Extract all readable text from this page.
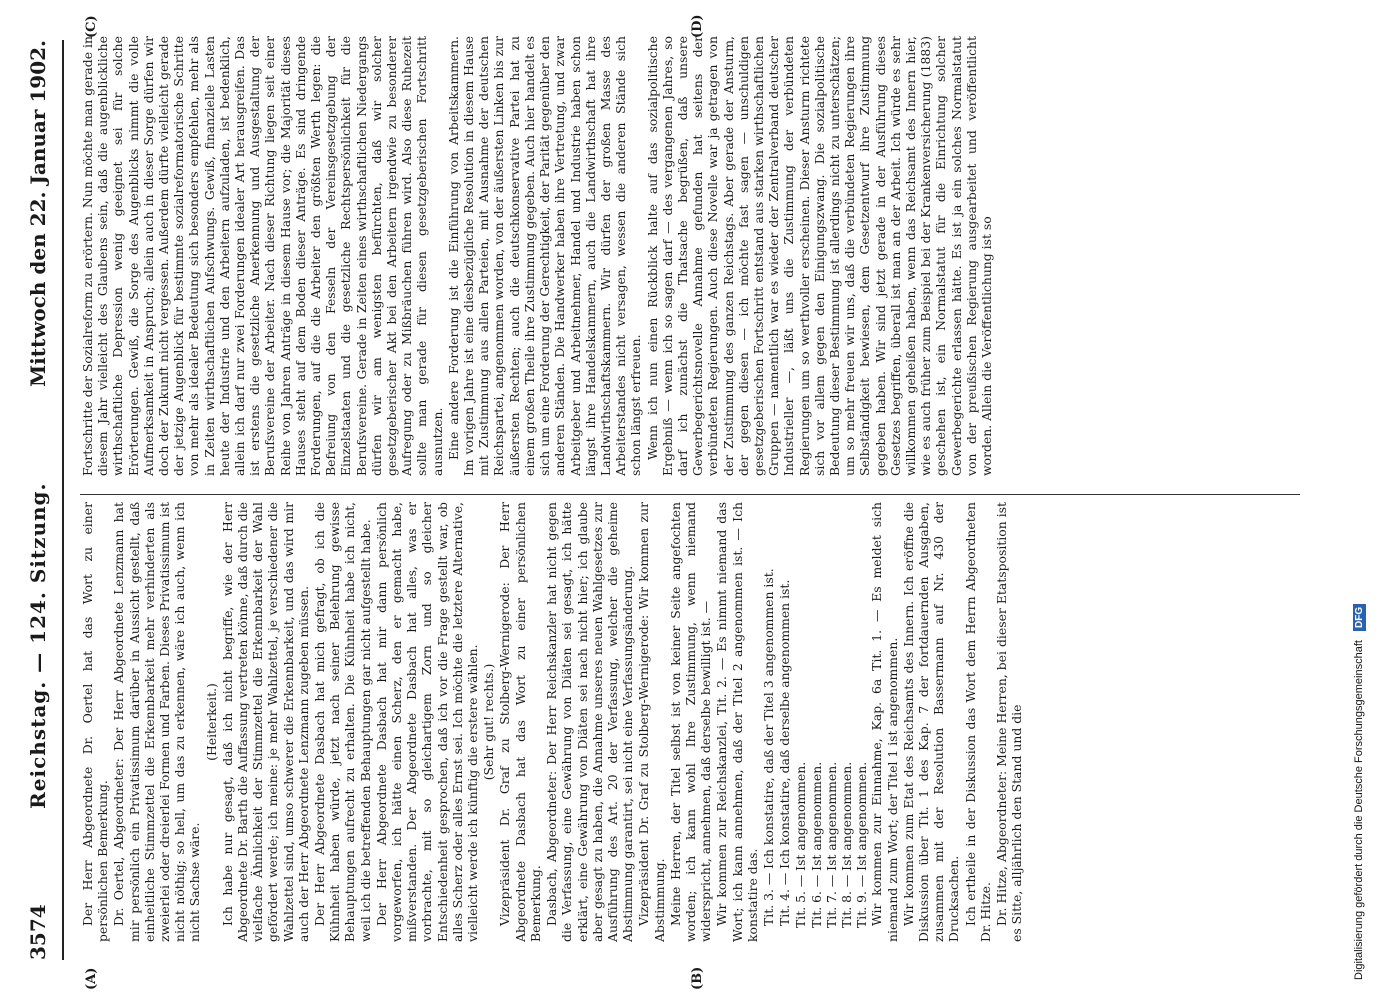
3574
Reichstag. — 124. Sitzung.
Mittwoch den 22. Januar 1902.
(A)	(B)
(C)	(D)

Der Herr Abgeordnete Dr. Oertel hat das Wort zu einer persönlichen Bemerkung. Dr. Oertel, Abgeordneter: Der Herr Abgeordnete Lenzmann hat mir persönlich ein Privatissimum darüber in Aussicht gestellt, daß einheitliche Stimmzettel die Erkennbarkeit mehr verhinderten als zweierlei oder dreierlei Formen und Farben. Dieses Privatissimum ist nicht nöthig; so hell, um das zu erkennen, wäre ich auch, wenn ich nicht Sachse wäre.

(Heiterkeit.) Ich habe nur gesagt, daß ich nicht begriffe, wie der Herr Abgeordnete Dr. Barth die Auffassung vertreten könne, daß durch die vielfache Ähnlichkeit der Stimmzettel die Erkennbarkeit der Wahl gefördert werde; ich meine: je mehr Wahlzettel, je verschiedener die Wahlzettel sind, umso schwerer die Erkennbarkeit, und das wird mir auch der Herr Abgeordnete Lenzmann zugeben müssen. Der Herr Abgeordnete Dasbach hat mich gefragt, ob ich die Kühnheit haben würde, jetzt nach seiner Belehrung gewisse Behauptungen aufrecht zu erhalten. Die Kühnheit habe ich nicht, weil ich die betreffenden Behauptungen gar nicht aufgestellt habe. Der Herr Abgeordnete Dasbach hat mir dann persönlich vorgeworfen, ich hätte einen Scherz, den er gemacht habe, mißverstanden. Der Abgeordnete Dasbach hat alles, was er vorbrachte, mit so gleichartigem Zorn und so gleicher Entschiedenheit gesprochen, daß ich vor die Frage gestellt war, ob alles Scherz oder alles Ernst sei. Ich möchte die letztere Alternative, vielleicht werde ich künftig die erstere wählen. (Sehr gut! rechts.) Vizepräsident Dr. Graf zu Stolberg-Wernigerode: Der Herr Abgeordnete Dasbach hat das Wort zu einer persönlichen Bemerkung. Dasbach, Abgeordneter: Der Herr Reichskanzler hat nicht gegen die Verfassung, eine Gewährung von Diäten sei gesagt, ich hätte erklärt, eine Gewährung von Diäten sei nach nicht hier; ich glaube aber gesagt zu haben, die Annahme unseres neuen Wahlgesetzes zur Ausführung des Art. 20 der Verfassung, welcher die geheime Abstimmung garantirt, sei nicht eine Verfassungsänderung. Vizepräsident Dr. Graf zu Stolberg-Wernigerode: Wir kommen zur Abstimmung. Meine Herren, der Titel selbst ist von keiner Seite angefochten worden; ich kann wohl Ihre Zustimmung, wenn niemand widerspricht, annehmen, daß derselbe bewilligt ist. — Wir kommen zur Reichskanzlei, Tit. 2. — Es nimmt niemand das Wort; ich kann annehmen, daß der Titel 2 angenommen ist. — Ich konstatire das. Tit. 3. — Ich konstatire, daß der Titel 3 angenommen ist. Tit. 4. — Ich konstatire, daß derselbe angenommen ist. Tit. 5. — Ist angenommen. Tit. 6. — Ist angenommen. Tit. 7. — Ist angenommen. Tit. 8. — Ist angenommen. Tit. 9. — Ist angenommen. Wir kommen zur Einnahme, Kap. 6a Tit. 1. — Es meldet sich niemand zum Wort; der Titel 1 ist angenommen. Wir kommen zum Etat des Reichsamts des Innern. Ich eröffne die Diskussion über Tit. 1 des Kap. 7 der fortdauernden Ausgaben, zusammen mit der Resolution Bassermann auf Nr. 430 der Drucksachen. Ich ertheile in der Diskussion das Wort dem Herrn Abgeordneten Dr. Hitze. Dr. Hitze, Abgeordneter: Meine Herren, bei dieser Etatsposition ist es Sitte, alljährlich den Stand und die

Fortschritte der Sozialreform zu erörtern. Nun möchte man gerade in diesem Jahr vielleicht des Glaubens sein, daß die augenblickliche wirthschaftliche Depression wenig geeignet sei für solche Erörterungen. Gewiß, die Sorge des Augenblicks nimmt die volle Aufmerksamkeit in Anspruch; allein auch in dieser Sorge dürfen wir doch der Zukunft nicht vergessen. Außerdem dürfte vielleicht gerade der jetzige Augenblick für bestimmte sozialreformatorische Schritte von mehr als idealer Bedeutung sich besonders empfehlen, mehr als in Zeiten wirthschaftlichen Aufschwungs. Gewiß, finanzielle Lasten heute der Industrie und den Arbeitern aufzuladen, ist bedenklich, allein ich darf nur zwei Forderungen idealer Art herausgreifen. Das ist erstens die gesetzliche Anerkennung und Ausgestaltung der Berufsvereine der Arbeiter. Nach dieser Richtung liegen seit einer Reihe von Jahren Anträge in diesem Hause vor; die Majorität dieses Hauses steht auf dem Boden dieser Anträge. Es sind dringende Forderungen, auf die die Arbeiter den größten Werth legen: die Befreiung von den Fesseln der Vereinsgesetzgebung der Einzelstaaten und die gesetzliche Rechtspersönlichkeit für die Berufsvereine. Gerade in Zeiten eines wirthschaftlichen Niedergangs dürfen wir am wenigsten befürchten, daß wir solcher gesetzgeberischer Akt bei den Arbeitern irgendwie zu besonderer Aufregung oder zu Mißbräuchen führen wird. Also diese Ruhezeit sollte man gerade für diesen gesetzgeberischen Fortschritt ausnutzen. Eine andere Forderung ist die Einführung von Arbeitskammern. Im vorigen Jahre ist eine diesbezügliche Resolution in diesem Hause mit Zustimmung aus allen Parteien, mit Ausnahme der deutschen Reichspartei, angenommen worden, von der äußersten Linken bis zur äußersten Rechten; auch die deutschkonservative Partei hat zu einem großen Theile ihre Zustimmung gegeben. Auch hier handelt es sich um eine Forderung der Gerechtigkeit, der Parität gegenüber den anderen Ständen. Die Handwerker haben ihre Vertretung, und zwar Arbeitgeber und Arbeitnehmer, Handel und Industrie haben schon längst ihre Handelskammern, auch die Landwirthschaft hat ihre Landwirthschaftskammern. Wir dürfen der großen Masse des Arbeiterstandes nicht versagen, wessen die anderen Stände sich schon längst erfreuen. Wenn ich nun einen Rückblick halte auf das sozialpolitische Ergebniß — wenn ich so sagen darf — des vergangenen Jahres, so darf ich zunächst die Thatsache begrüßen, daß unsere Gewerbegerichtsnovelle Annahme gefunden hat seitens der verbündeten Regierungen. Auch diese Novelle war ja getragen von der Zustimmung des ganzen Reichstags. Aber gerade der Ansturm, der gegen diesen — ich möchte fast sagen — unschuldigen gesetzgeberischen Fortschritt entstand aus starken wirthschaftlichen Gruppen — namentlich war es wieder der Zentralverband deutscher Industrieller —, läßt uns die Zustimmung der verbündeten Regierungen um so werthvoller erscheinen. Dieser Ansturm richtete sich vor allem gegen den Einigungszwang. Die sozialpolitische Bedeutung dieser Bestimmung ist allerdings nicht zu unterschätzen; um so mehr freuen wir uns, daß die verbündeten Regierungen ihre Selbständigkeit bewiesen, dem Gesetzentwurf ihre Zustimmung gegeben haben. Wir sind jetzt gerade in der Ausführung dieses Gesetzes begriffen, überall ist man an der Arbeit. Ich würde es sehr willkommen geheißen haben, wenn das Reichsamt des Innern hier, wie es auch früher zum Beispiel bei der Krankenversicherung (1883) geschehen ist, ein Normalstatut für die Einrichtung solcher Gewerbegerichte erlassen hätte. Es ist ja ein solches Normalstatut von der preußischen Regierung ausgearbeitet und veröffentlicht worden. Allein die Veröffentlichung ist so

Digitalisierung gefördert durch die Deutsche Forschungsgemeinschaft DFG
